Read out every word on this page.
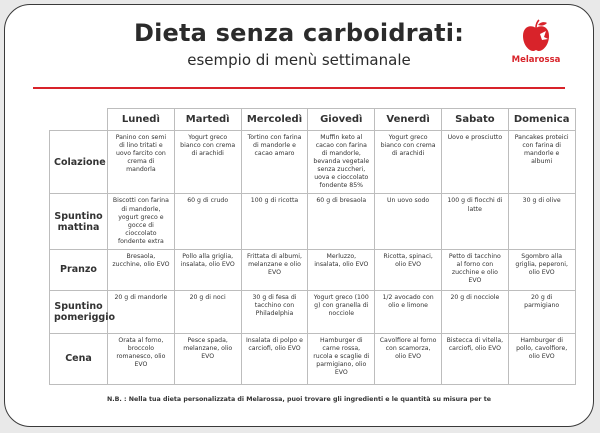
Dieta senza carboidrati:
esempio di menù settimanale	Melarossa
	Lunedì	Martedì	Mercoledì	Giovedì	Venerdì	Sabato	Domenica
Colazione	Panino con semi di lino tritati e uovo farcito con crema di mandorla	Yogurt greco bianco con crema di arachidi	Tortino con farina di mandorle e cacao amaro	Muffin keto al cacao con farina di mandorle, bevanda vegetale senza zuccheri, uova e cioccolato fondente 85%	Yogurt greco bianco con crema di arachidi	Uovo e prosciutto	Pancakes proteici con farina di mandorle e albumi
Spuntino mattina	Biscotti con farina di mandorle, yogurt greco e gocce di cioccolato fondente extra	60 g di crudo	100 g di ricotta	60 g di bresaola	Un uovo sodo	100 g di fiocchi di latte	30 g di olive
Pranzo	Bresaola, zucchine, olio EVO	Pollo alla griglia, insalata, olio EVO	Frittata di albumi, melanzane e olio EVO	Merluzzo, insalata, olio EVO	Ricotta, spinaci, olio EVO	Petto di tacchino al forno con zucchine e olio EVO	Sgombro alla griglia, peperoni, olio EVO
Spuntino pomeriggio	20 g di mandorle	20 g di noci	30 g di fesa di tacchino con Philadelphia	Yogurt greco (100 g) con granella di nocciole	1/2 avocado con olio e limone	20 g di nocciole	20 g di parmigiano
Cena	Orata al forno, broccolo romanesco, olio EVO	Pesce spada, melanzane, olio EVO	Insalata di polpo e carciofi, olio EVO	Hamburger di carne rossa, rucola e scaglie di parmigiano, olio EVO	Cavolfiore al forno con scamorza, olio EVO	Bistecca di vitella, carciofi, olio EVO	Hamburger di pollo, cavolfiore, olio EVO
N.B. : Nella tua dieta personalizzata di Melarossa, puoi trovare gli ingredienti e le quantità su misura per te
